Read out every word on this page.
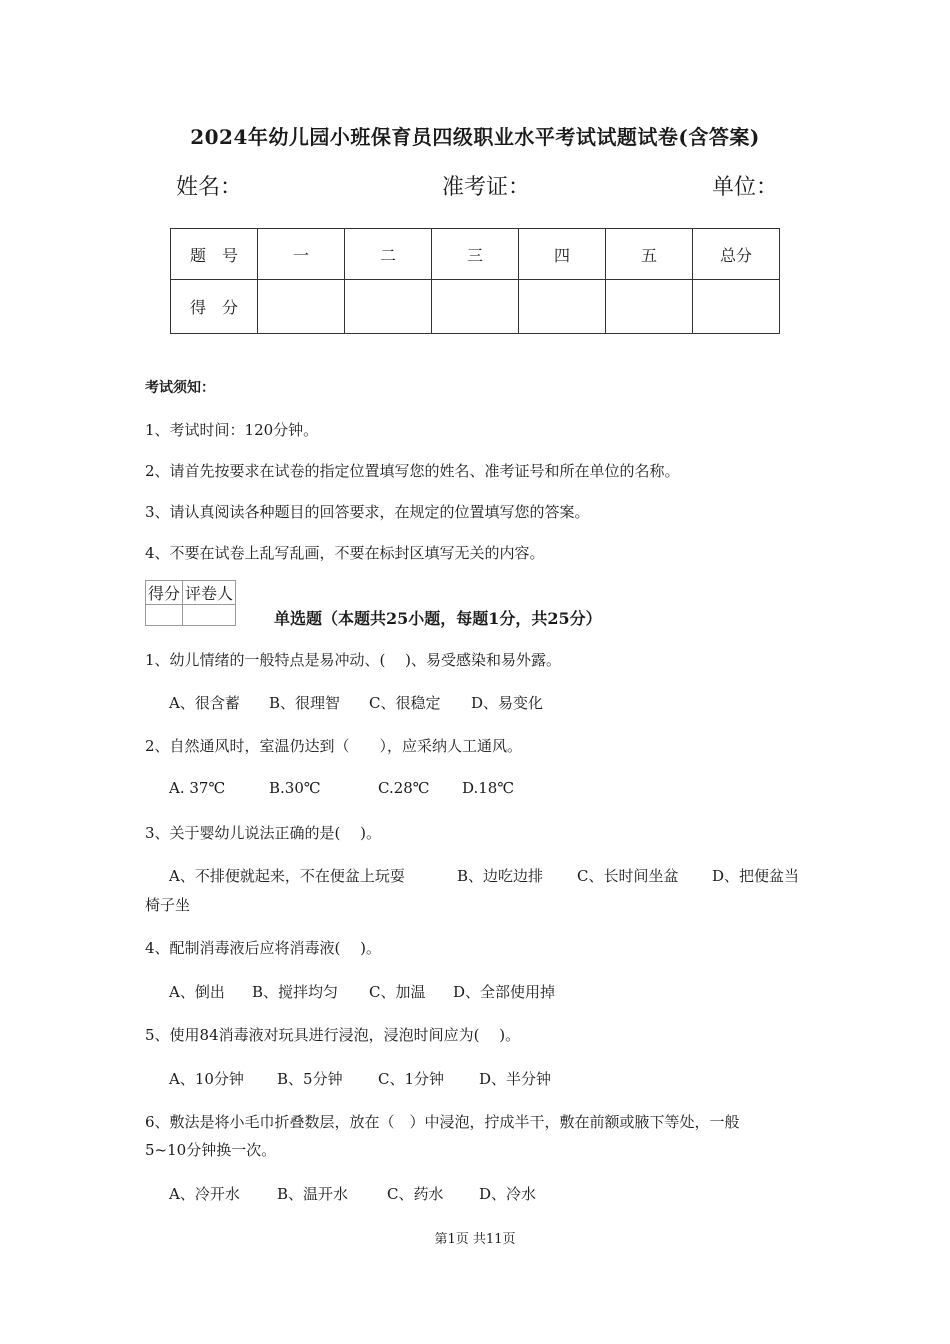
2024年幼儿园小班保育员四级职业水平考试试题试卷(含答案)
姓名：	准考证：	单位：
题　号	一	二	三	四	五	总分
得　分						
考试须知：
1、考试时间：120分钟。
2、请首先按要求在试卷的指定位置填写您的姓名、准考证号和所在单位的名称。
3、请认真阅读各种题目的回答要求，在规定的位置填写您的答案。
4、不要在试卷上乱写乱画，不要在标封区填写无关的内容。
得分	评卷人

单选题（本题共25小题，每题1分，共25分）
1、幼儿情绪的一般特点是易冲动、(　 )、易受感染和易外露。
A、很含蓄 B、很理智 C、很稳定 D、易变化
2、自然通风时，室温仍达到（　　），应采纳人工通风。
A. 37℃	B.30℃	C.28℃ D.18℃
3、关于婴幼儿说法正确的是(　 )。
A、不排便就起来，不在便盆上玩耍	B、边吃边排 C、长时间坐盆 D、把便盆当
椅子坐
4、配制消毒液后应将消毒液(　 )。
A、倒出 B、搅拌均匀 C、加温 D、全部使用掉
5、使用84消毒液对玩具进行浸泡，浸泡时间应为(　 )。
A、10分钟 B、5分钟 C、1分钟 D、半分钟
6、敷法是将小毛巾折叠数层，放在（　）中浸泡，拧成半干，敷在前额或腋下等处，一般
5~10分钟换一次。
A、冷开水 B、温开水	C、药水 D、冷水
第1页 共11页
